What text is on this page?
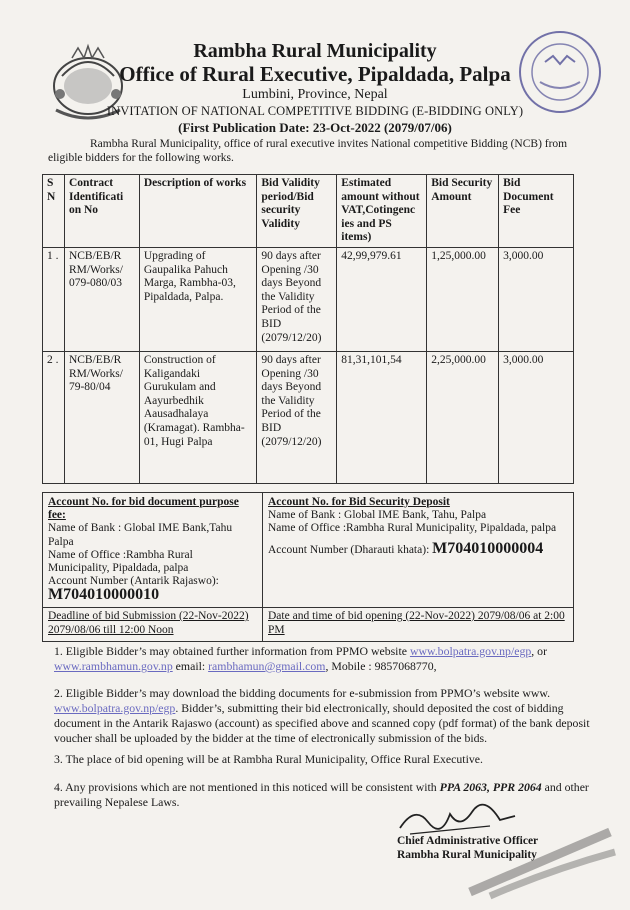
Rambha Rural Municipality
Office of Rural Executive, Pipaldada, Palpa
Lumbini, Province, Nepal
INVITATION OF NATIONAL COMPETITIVE BIDDING (E-BIDDING ONLY)
(First Publication Date: 23-Oct-2022 (2079/07/06)
Rambha Rural Municipality, office of rural executive invites National competitive Bidding (NCB) from eligible bidders for the following works.
S N	Contract Identificati on No	Description of works	Bid Validity period/Bid security Validity	Estimated amount without VAT,Cotingenc ies and PS items)	Bid Security Amount	Bid Document Fee
1 .	NCB/EB/R RM/Works/ 079-080/03	Upgrading of Gaupalika Pahuch Marga, Rambha-03, Pipaldada, Palpa.	90 days after Opening /30 days Beyond the Validity Period of the BID (2079/12/20)	42,99,979.61	1,25,000.00	3,000.00
2 .	NCB/EB/R RM/Works/ 79-80/04	Construction of Kaligandaki Gurukulam and Aayurbedhik Aausadhalaya (Kramagat). Rambha-01, Hugi Palpa	90 days after Opening /30 days Beyond the Validity Period of the BID (2079/12/20)	81,31,101,54	2,25,000.00	3,000.00
Account No. for bid document purpose fee:
Name of Bank : Global IME Bank,Tahu Palpa
Name of Office :Rambha Rural Municipality, Pipaldada, palpa
Account Number (Antarik Rajaswo):
M704010000010
Account No. for Bid Security Deposit
Name of Bank : Global IME Bank, Tahu, Palpa
Name of Office :Rambha Rural Municipality, Pipaldada, palpa
Account Number (Dharauti khata): M704010000004
Deadline of bid Submission (22-Nov-2022) 2079/08/06 till 12:00 Noon
Date and time of bid opening (22-Nov-2022) 2079/08/06 at 2:00 PM
1. Eligible Bidder’s may obtained further information from PPMO website www.bolpatra.gov.np/egp, or www.rambhamun.gov.np email: rambhamun@gmail.com, Mobile : 9857068770,
2. Eligible Bidder’s may download the bidding documents for e-submission from PPMO’s website www. www.bolpatra.gov.np/egp. Bidder’s, submitting their bid electronically, should deposited the cost of bidding document in the Antarik Rajaswo (account) as specified above and scanned copy (pdf format) of the bank deposit voucher shall be uploaded by the bidder at the time of electronically submission of the bids.
3. The place of bid opening will be at Rambha Rural Municipality, Office Rural Executive.
4. Any provisions which are not mentioned in this noticed will be consistent with PPA 2063, PPR 2064 and other prevailing Nepalese Laws.
Chief Administrative Officer
Rambha Rural Municipality
